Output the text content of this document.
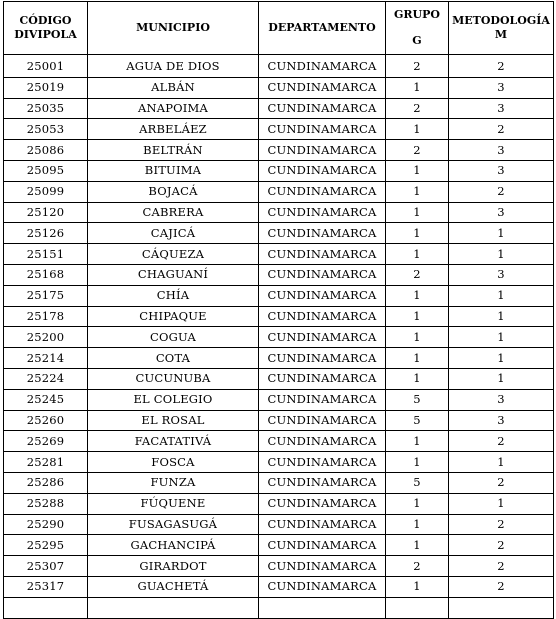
CÓDIGO DIVIPOLA	MUNICIPIO	DEPARTAMENTO	GRUPO G	METODOLOGÍA M
25001	AGUA DE DIOS	CUNDINAMARCA	2	2
25019	ALBÁN	CUNDINAMARCA	1	3
25035	ANAPOIMA	CUNDINAMARCA	2	3
25053	ARBELÁEZ	CUNDINAMARCA	1	2
25086	BELTRÁN	CUNDINAMARCA	2	3
25095	BITUIMA	CUNDINAMARCA	1	3
25099	BOJACÁ	CUNDINAMARCA	1	2
25120	CABRERA	CUNDINAMARCA	1	3
25126	CAJICÁ	CUNDINAMARCA	1	1
25151	CÁQUEZA	CUNDINAMARCA	1	1
25168	CHAGUANÍ	CUNDINAMARCA	2	3
25175	CHÍA	CUNDINAMARCA	1	1
25178	CHIPAQUE	CUNDINAMARCA	1	1
25200	COGUA	CUNDINAMARCA	1	1
25214	COTA	CUNDINAMARCA	1	1
25224	CUCUNUBA	CUNDINAMARCA	1	1
25245	EL COLEGIO	CUNDINAMARCA	5	3
25260	EL ROSAL	CUNDINAMARCA	5	3
25269	FACATATIVÁ	CUNDINAMARCA	1	2
25281	FOSCA	CUNDINAMARCA	1	1
25286	FUNZA	CUNDINAMARCA	5	2
25288	FÚQUENE	CUNDINAMARCA	1	1
25290	FUSAGASUGÁ	CUNDINAMARCA	1	2
25295	GACHANCIPÁ	CUNDINAMARCA	1	2
25307	GIRARDOT	CUNDINAMARCA	2	2
25317	GUACHETÁ	CUNDINAMARCA	1	2
